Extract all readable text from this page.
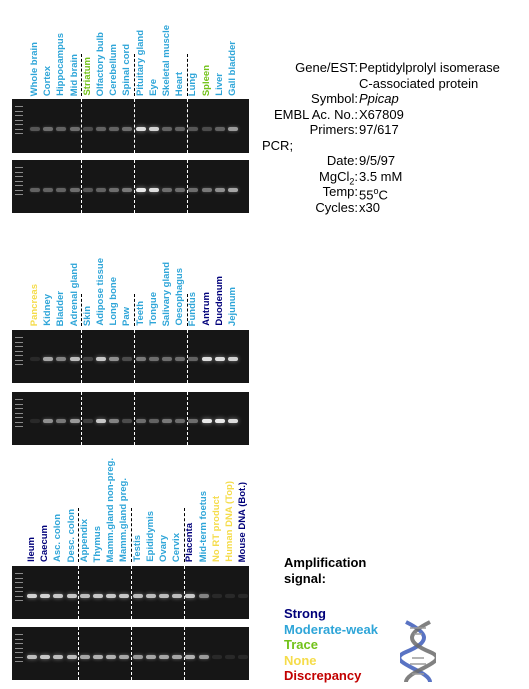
Whole brain Cortex Hippocampus Mid brain Striatum Olfactory bulb Cerebellum Spinal cord Pituitary gland Eye Skeletal muscle Heart Lung Spleen Liver Gall bladder
Pancreas Kidney Bladder Adrenal gland Skin Adipose tissue Long bone Paw Teeth Tongue Salivary gland Oesophagus Fundus Antrum Duodenum Jejunum
Ileum Caecum Asc. colon Desc. colon Appendix Thymus Mamm.gland non-preg. Mamm.gland preg. Testis Epididymis Ovary Cervix Placenta Mid-term foetus No RT product Human DNA (Top) Mouse DNA (Bot.)
Gene/EST: Peptidylprolyl isomerase
C-associated protein
Symbol: Ppicap
EMBL Ac. No.: X67809
Primers: 97/617
PCR;
Date: 9/5/97
MgCl$_2$: 3.5 mM
Temp: 55$^o$C
Cycles: x30
Amplification
signal:
Strong
Moderate-weak
Trace
None
Discrepancy
